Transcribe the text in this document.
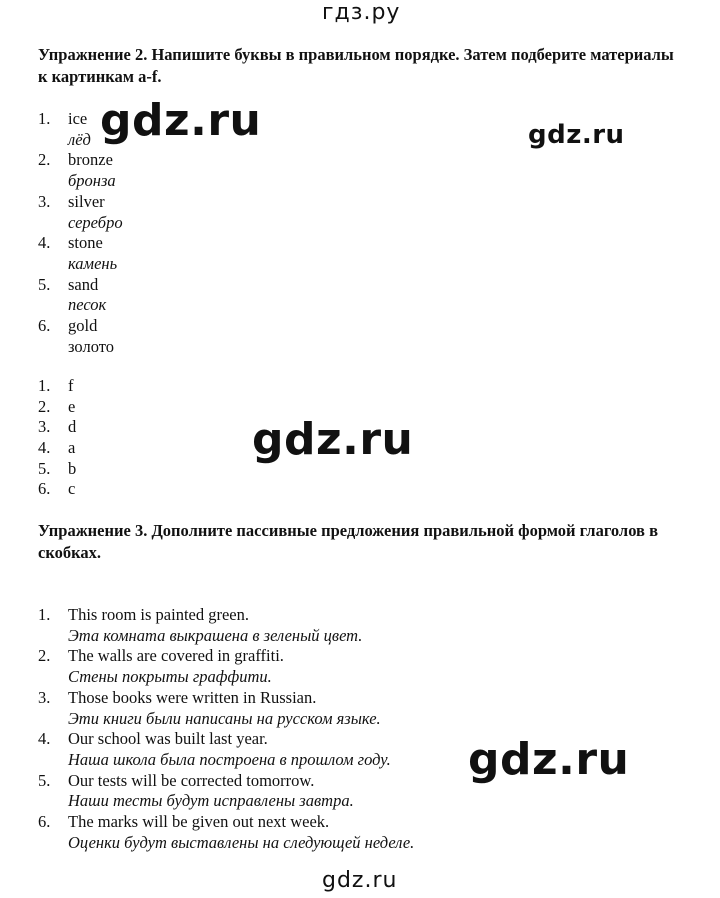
гдз.ру
Упражнение 2. Напишите буквы в правильном порядке. Затем подберите материалы к картинкам a-f.
1. ice
лёд
2. bronze
бронза
3. silver
серебро
4. stone
камень
5. sand
песок
6. gold
золото
1. f
2. e
3. d
4. a
5. b
6. c
Упражнение 3. Дополните пассивные предложения правильной формой глаголов в скобках.
1. This room is painted green.
Эта комната выкрашена в зеленый цвет.
2. The walls are covered in graffiti.
Стены покрыты граффити.
3. Those books were written in Russian.
Эти книги были написаны на русском языке.
4. Our school was built last year.
Наша школа была построена в прошлом году.
5. Our tests will be corrected tomorrow.
Наши тесты будут исправлены завтра.
6. The marks will be given out next week.
Оценки будут выставлены на следующей неделе.
gdz.ru	gdz.ru
gdz.ru
gdz.ru
gdz.ru
